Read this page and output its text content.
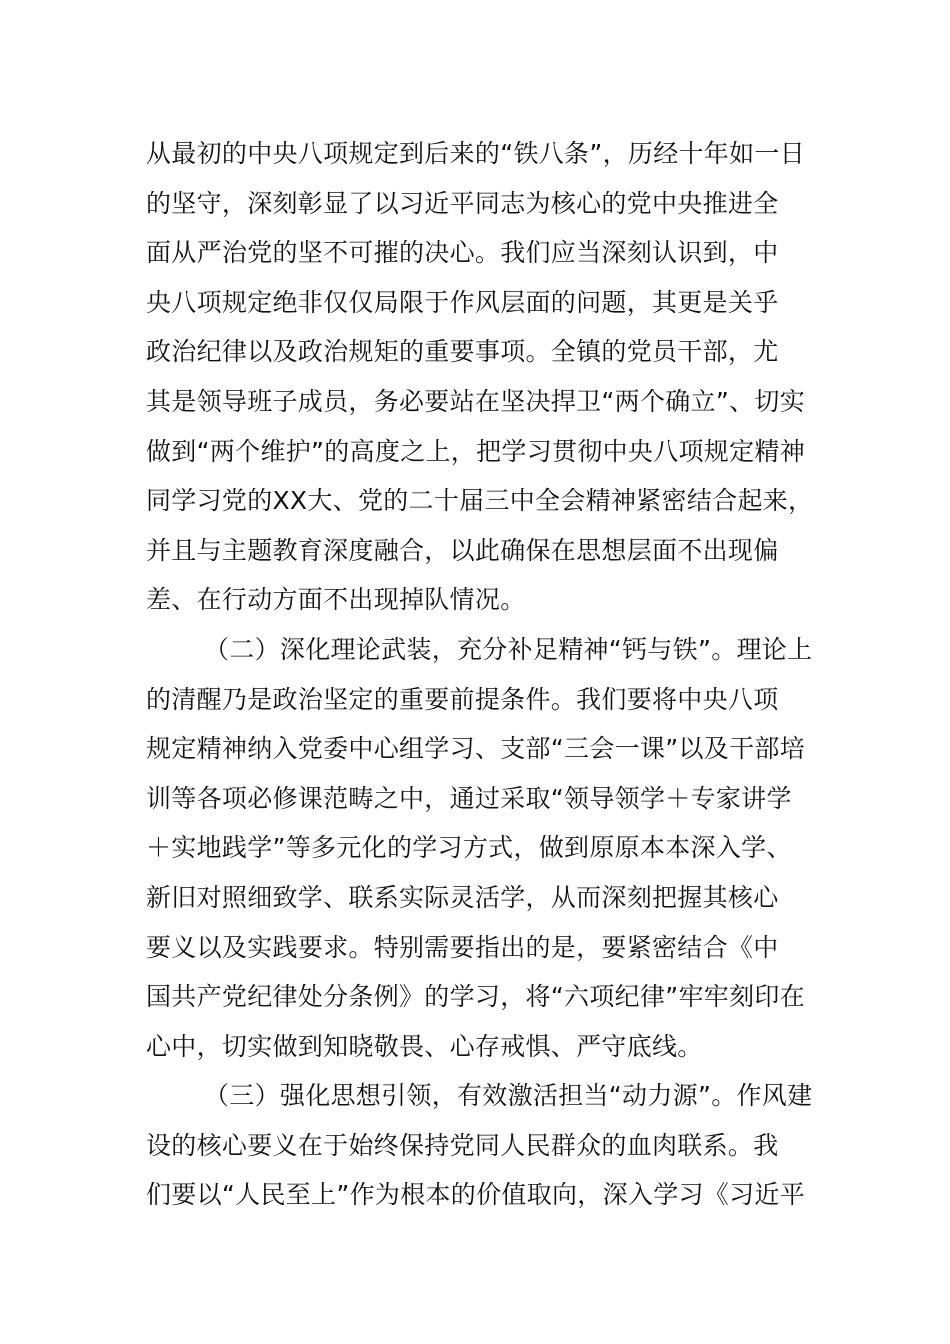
从最初的中央八项规定到后来的“铁八条”，历经十年如一日
的坚守，深刻彰显了以习近平同志为核心的党中央推进全
面从严治党的坚不可摧的决心。我们应当深刻认识到，中
央八项规定绝非仅仅局限于作风层面的问题，其更是关乎
政治纪律以及政治规矩的重要事项。全镇的党员干部，尤
其是领导班子成员，务必要站在坚决捍卫“两个确立”、切实
做到“两个维护”的高度之上，把学习贯彻中央八项规定精神
同学习党的XX大、党的二十届三中全会精神紧密结合起来，
并且与主题教育深度融合，以此确保在思想层面不出现偏
差、在行动方面不出现掉队情况。
（二）深化理论武装，充分补足精神“钙与铁”。理论上
的清醒乃是政治坚定的重要前提条件。我们要将中央八项
规定精神纳入党委中心组学习、支部“三会一课”以及干部培
训等各项必修课范畴之中，通过采取“领导领学＋专家讲学
＋实地践学”等多元化的学习方式，做到原原本本深入学、
新旧对照细致学、联系实际灵活学，从而深刻把握其核心
要义以及实践要求。特别需要指出的是，要紧密结合《中
国共产党纪律处分条例》的学习，将“六项纪律”牢牢刻印在
心中，切实做到知晓敬畏、心存戒惧、严守底线。
（三）强化思想引领，有效激活担当“动力源”。作风建
设的核心要义在于始终保持党同人民群众的血肉联系。我
们要以“人民至上”作为根本的价值取向，深入学习《习近平
